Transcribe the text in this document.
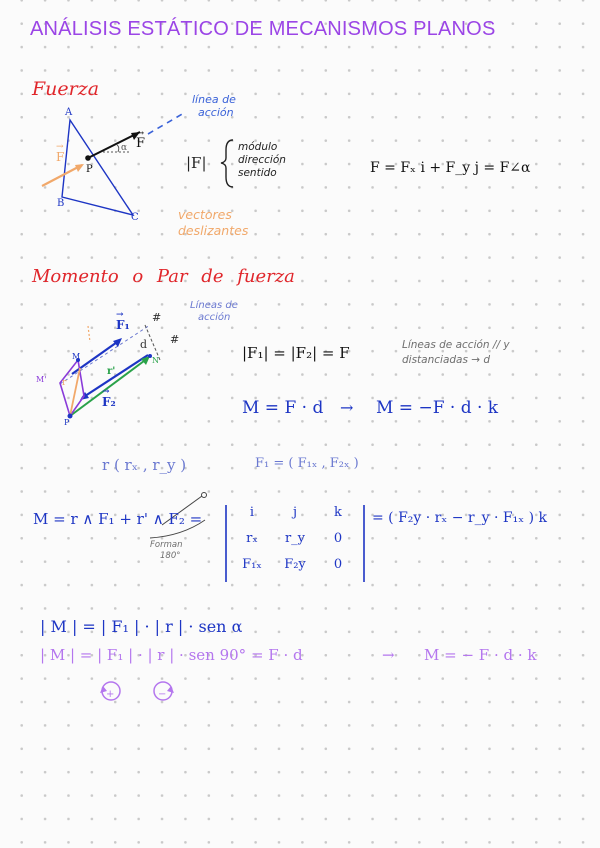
ANÁLISIS ESTÁTICO DE MECANISMOS PLANOS
Fuerza
A
B
C
P
α
→ F
→ F
línea de
acción
|F|
módulo
dirección
sentido	F = Fₓ i + F_y j = F∠α
vectores
deslizantes
Momento o Par de fuerza
+	−
Líneas de
acción
→ F₁
→ F₂
d
r'
M	N
M'
P
r
#
#
|F₁| = |F₂| = F	Líneas de acción // y
distanciadas → d
M = F · d → M = −F · d · k
r ( rₓ , r_y )	F₁ = ( F₁ₓ , F₂ₓ )
M = r ∧ F₁ + r' ∧ F₂ =
Forman
180°
i	j	k
rₓ	r_y	0
F₁ₓ	F₂y	0
= ( F₂y · rₓ − r_y · F₁ₓ ) k
| M | = | F₁ | · | r | · sen α
| M | = | F₁ | · | r | · sen 90° = F · d	→ M = − F · d · k
